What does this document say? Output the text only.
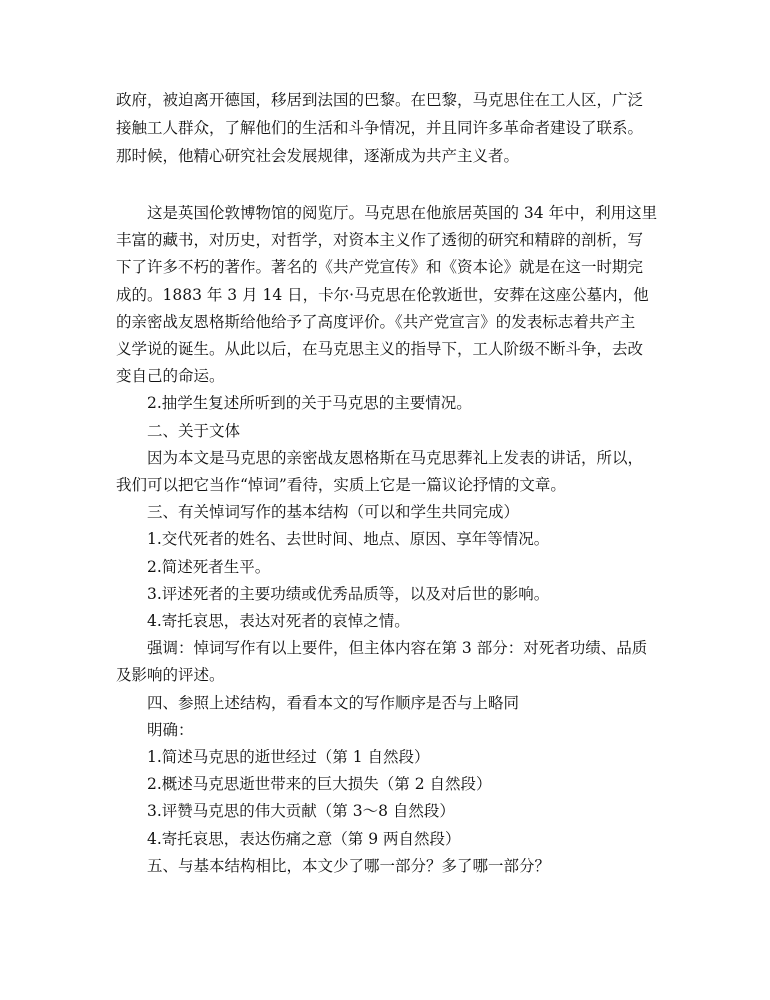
政府，被迫离开德国，移居到法国的巴黎。在巴黎，马克思住在工人区，广泛

接触工人群众，了解他们的生活和斗争情况，并且同许多革命者建设了联系。

那时候，他精心研究社会发展规律，逐渐成为共产主义者。

这是英国伦敦博物馆的阅览厅。马克思在他旅居英国的 34 年中，利用这里

丰富的藏书，对历史，对哲学，对资本主义作了透彻的研究和精辟的剖析，写

下了许多不朽的著作。著名的《共产党宣传》和《资本论》就是在这一时期完

成的。1883 年 3 月 14 日，卡尔·马克思在伦敦逝世，安葬在这座公墓内，他

的亲密战友恩格斯给他给予了高度评价。《共产党宣言》的发表标志着共产主

义学说的诞生。从此以后，在马克思主义的指导下，工人阶级不断斗争，去改

变自己的命运。

2.抽学生复述所听到的关于马克思的主要情况。

二、关于文体

因为本文是马克思的亲密战友恩格斯在马克思葬礼上发表的讲话，所以，

我们可以把它当作“悼词”看待，实质上它是一篇议论抒情的文章。

三、有关悼词写作的基本结构（可以和学生共同完成）

1.交代死者的姓名、去世时间、地点、原因、享年等情况。

2.简述死者生平。

3.评述死者的主要功绩或优秀品质等，以及对后世的影响。

4.寄托哀思，表达对死者的哀悼之情。

强调：悼词写作有以上要件，但主体内容在第 3 部分：对死者功绩、品质

及影响的评述。

四、参照上述结构，看看本文的写作顺序是否与上略同

明确：

1.简述马克思的逝世经过（第 1 自然段）

2.概述马克思逝世带来的巨大损失（第 2 自然段）

3.评赞马克思的伟大贡献（第 3～8 自然段）

4.寄托哀思，表达伤痛之意（第 9 两自然段）

五、与基本结构相比，本文少了哪一部分？多了哪一部分？
